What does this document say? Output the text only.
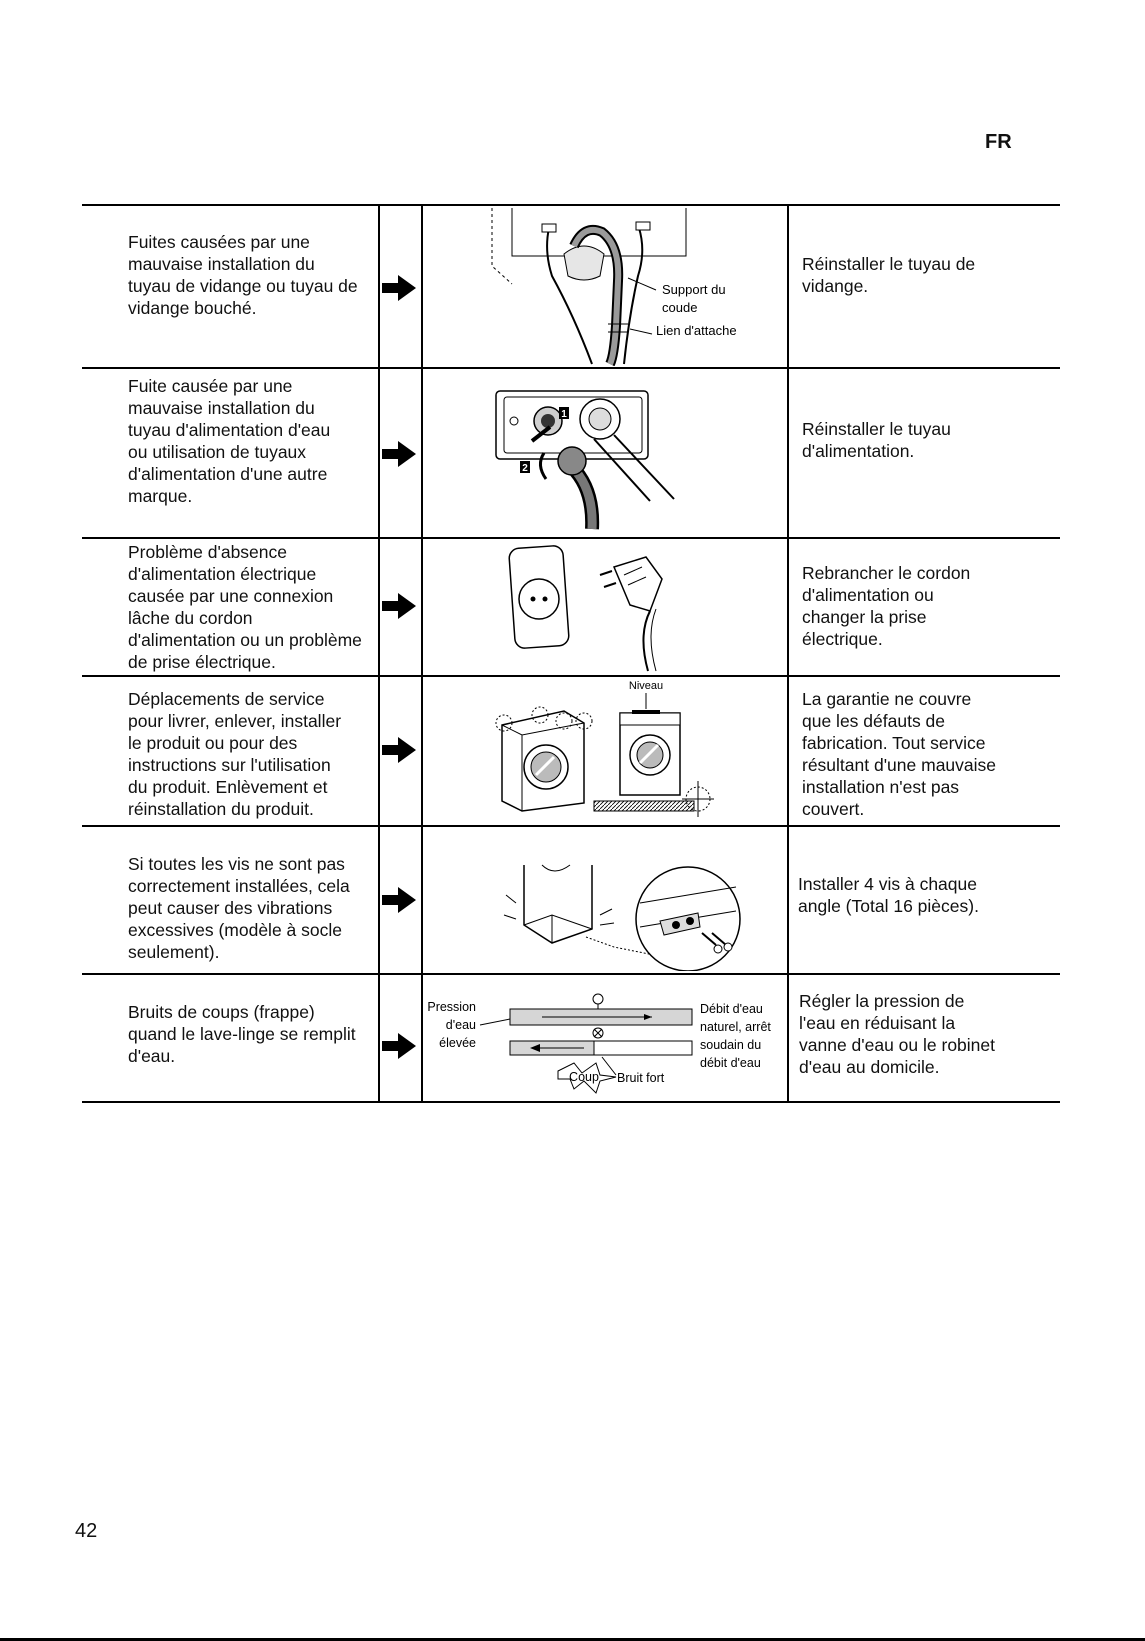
FR
Fuites causées par une
mauvaise installation du
tuyau de vidange ou tuyau de
vidange bouché.
Support du
coude
Lien d'attache
Réinstaller le tuyau de
vidange.
Fuite causée par une
mauvaise installation du
tuyau d'alimentation d'eau
ou utilisation de tuyaux
d'alimentation d'une autre
marque.
1
2
Réinstaller le tuyau
d'alimentation.
Problème d'absence
d'alimentation électrique
causée par une connexion
lâche du cordon
d'alimentation ou un problème
de prise électrique.
Rebrancher le cordon
d'alimentation ou
changer la prise
électrique.
Déplacements de service
pour livrer, enlever, installer
le produit ou pour des
instructions sur l'utilisation
du produit. Enlèvement et
réinstallation du produit.
Niveau
La garantie ne couvre
que les défauts de
fabrication. Tout service
résultant d'une mauvaise
installation n'est pas
couvert.
Si toutes les vis ne sont pas
correctement installées, cela
peut causer des vibrations
excessives (modèle à socle
seulement).
Installer 4 vis à chaque
angle (Total 16 pièces).
Bruits de coups (frappe)
quand le lave-linge se remplit
d'eau.
Pression
d'eau
élevée
Coup Bruit fort
Débit d'eau
naturel, arrêt
soudain du
débit d'eau
Régler la pression de
l'eau en réduisant la
vanne d'eau ou le robinet
d'eau au domicile.
42
